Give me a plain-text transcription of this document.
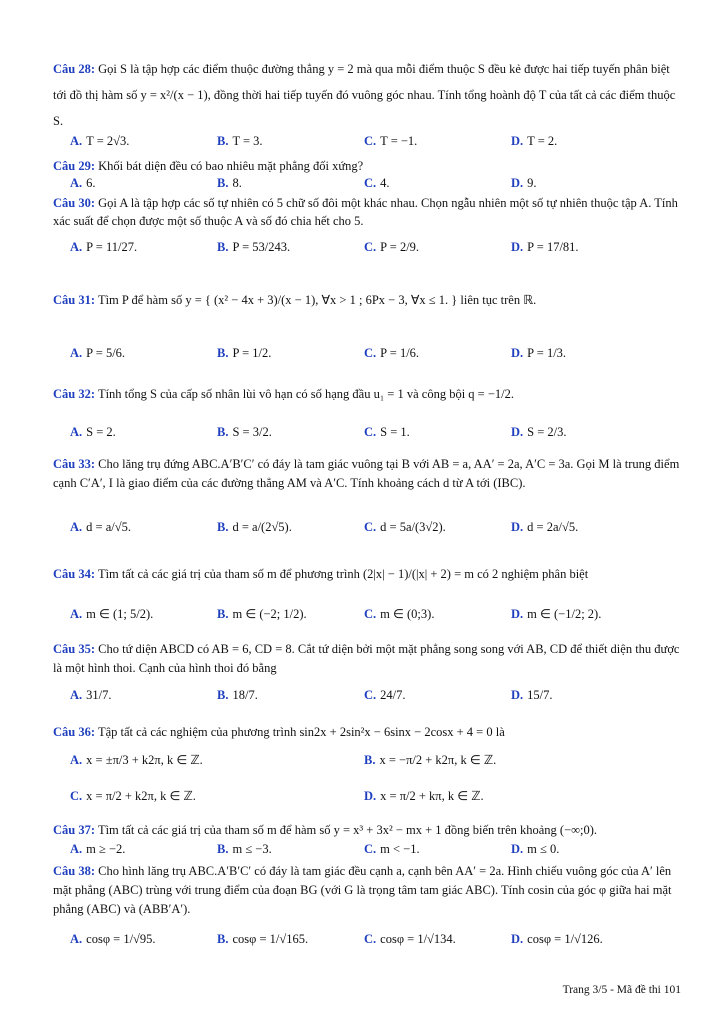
Câu 28: Gọi S là tập hợp các điểm thuộc đường thẳng y = 2 mà qua mỗi điểm thuộc S đều kẻ được hai tiếp tuyến phân biệt tới đồ thị hàm số y = x²/(x − 1), đồng thời hai tiếp tuyến đó vuông góc nhau. Tính tổng hoành độ T của tất cả các điểm thuộc S.
A. T = 2√3.	B. T = 3.	C. T = −1.	D. T = 2.
Câu 29: Khối bát diện đều có bao nhiêu mặt phẳng đối xứng?
A. 6.	B. 8.	C. 4.	D. 9.
Câu 30: Gọi A là tập hợp các số tự nhiên có 5 chữ số đôi một khác nhau. Chọn ngẫu nhiên một số tự nhiên thuộc tập A. Tính xác suất để chọn được một số thuộc A và số đó chia hết cho 5.
A. P = 11/27.	B. P = 53/243.	C. P = 2/9.	D. P = 17/81.
Câu 31: Tìm P để hàm số y = { (x² − 4x + 3)/(x − 1), ∀x > 1 ; 6Px − 3, ∀x ≤ 1. } liên tục trên ℝ.
A. P = 5/6.	B. P = 1/2.	C. P = 1/6.	D. P = 1/3.
Câu 32: Tính tổng S của cấp số nhân lùi vô hạn có số hạng đầu u₁ = 1 và công bội q = −1/2.
A. S = 2.	B. S = 3/2.	C. S = 1.	D. S = 2/3.
Câu 33: Cho lăng trụ đứng ABC.A′B′C′ có đáy là tam giác vuông tại B với AB = a, AA′ = 2a, A′C = 3a. Gọi M là trung điểm cạnh C′A′, I là giao điểm của các đường thẳng AM và A′C. Tính khoảng cách d từ A tới (IBC).
A. d = a/√5.	B. d = a/(2√5).	C. d = 5a/(3√2).	D. d = 2a/√5.
Câu 34: Tìm tất cả các giá trị của tham số m để phương trình (2|x| − 1)/(|x| + 2) = m có 2 nghiệm phân biệt
A. m ∈ (1; 5/2).	B. m ∈ (−2; 1/2).	C. m ∈ (0;3).	D. m ∈ (−1/2; 2).
Câu 35: Cho tứ diện ABCD có AB = 6, CD = 8. Cắt tứ diện bởi một mặt phẳng song song với AB, CD để thiết diện thu được là một hình thoi. Cạnh của hình thoi đó bằng
A. 31/7.	B. 18/7.	C. 24/7.	D. 15/7.
Câu 36: Tập tất cả các nghiệm của phương trình sin2x + 2sin²x − 6sinx − 2cosx + 4 = 0 là
A. x = ±π/3 + k2π, k ∈ ℤ.	B. x = −π/2 + k2π, k ∈ ℤ.
C. x = π/2 + k2π, k ∈ ℤ.	D. x = π/2 + kπ, k ∈ ℤ.
Câu 37: Tìm tất cả các giá trị của tham số m để hàm số y = x³ + 3x² − mx + 1 đồng biến trên khoảng (−∞;0).
A. m ≥ −2.	B. m ≤ −3.	C. m < −1.	D. m ≤ 0.
Câu 38: Cho hình lăng trụ ABC.A′B′C′ có đáy là tam giác đều cạnh a, cạnh bên AA′ = 2a. Hình chiếu vuông góc của A′ lên mặt phẳng (ABC) trùng với trung điểm của đoạn BG (với G là trọng tâm tam giác ABC). Tính cosin của góc φ giữa hai mặt phẳng (ABC) và (ABB′A′).
A. cosφ = 1/√95.	B. cosφ = 1/√165.	C. cosφ = 1/√134.	D. cosφ = 1/√126.
Trang 3/5 - Mã đề thi 101
